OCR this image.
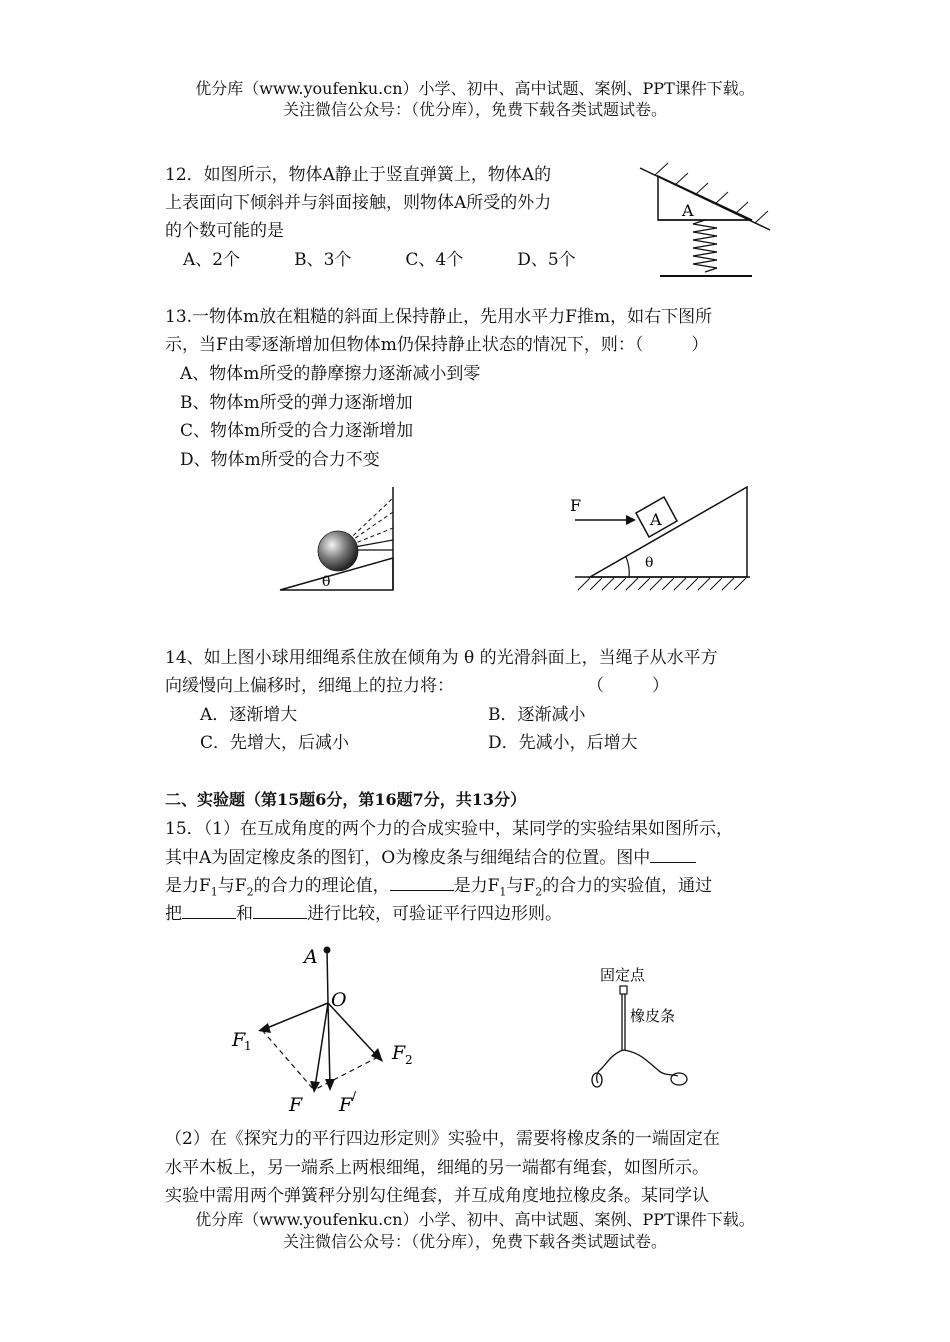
优分库（www.youfenku.cn）小学、初中、高中试题、案例、PPT课件下载。
关注微信公众号：（优分库），免费下载各类试题试卷。
12．如图所示，物体A静止于竖直弹簧上，物体A的
上表面向下倾斜并与斜面接触，则物体A所受的外力
的个数可能的是
A、2个	B、3个	C、4个	D、5个
A
13.一物体m放在粗糙的斜面上保持静止，先用水平力F推m，如右下图所
示，当F由零逐渐增加但物体m仍保持静止状态的情况下，则：（	）
A、物体m所受的静摩擦力逐渐减小到零
B、物体m所受的弹力逐渐增加
C、物体m所受的合力逐渐增加
D、物体m所受的合力不变
θ
F
A
θ
14、如上图小球用细绳系住放在倾角为 θ 的光滑斜面上，当绳子从水平方
向缓慢向上偏移时，细绳上的拉力将：	（	）
A．逐渐增大	B．逐渐减小
C．先增大，后减小	D．先减小，后增大
二、实验题（第15题6分，第16题7分，共13分）
15．（1）在互成角度的两个力的合成实验中，某同学的实验结果如图所示，
其中A为固定橡皮条的图钉，O为橡皮条与细绳结合的位置。图中
是力$F_1$与$F_2$的合力的理论值，	是力$F_1$与$F_2$的合力的实验值，通过
把	和	进行比较，可验证平行四边形则。
A
O
F
F
F F
1
2
/
固定点
橡皮条
（2）在《探究力的平行四边形定则》实验中，需要将橡皮条的一端固定在
水平木板上，另一端系上两根细绳，细绳的另一端都有绳套，如图所示。
实验中需用两个弹簧秤分别勾住绳套，并互成角度地拉橡皮条。某同学认
优分库（www.youfenku.cn）小学、初中、高中试题、案例、PPT课件下载。
关注微信公众号：（优分库），免费下载各类试题试卷。
